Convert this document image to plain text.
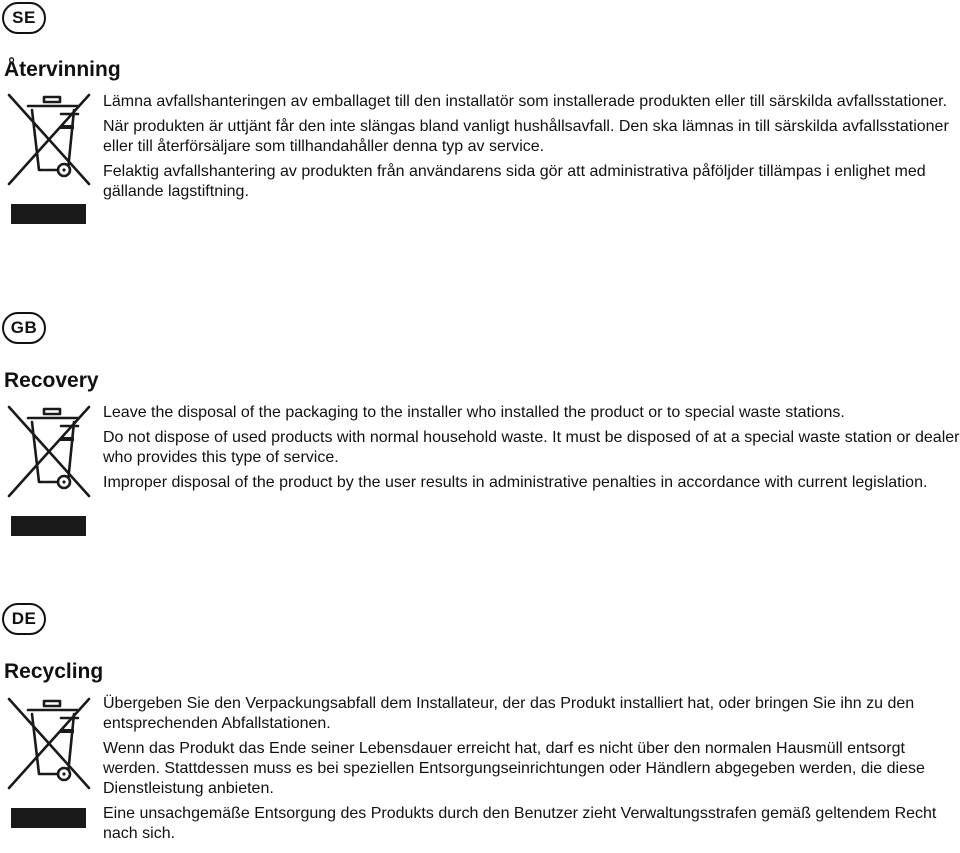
SE
Återvinning

Lämna avfallshanteringen av emballaget till den installatör som installerade produkten eller till särskilda avfallsstationer.

När produkten är uttjänt får den inte slängas bland vanligt hushållsavfall. Den ska lämnas in till särskilda avfallsstationer eller till återförsäljare som tillhandahåller denna typ av service.

Felaktig avfallshantering av produkten från användarens sida gör att administrativa påföljder tillämpas i enlighet med gällande lagstiftning.

GB
Recovery

Leave the disposal of the packaging to the installer who installed the product or to special waste stations.

Do not dispose of used products with normal household waste. It must be disposed of at a special waste station or dealer who provides this type of service.

Improper disposal of the product by the user results in administrative penalties in accordance with current legislation.

DE
Recycling

Übergeben Sie den Verpackungsabfall dem Installateur, der das Produkt installiert hat, oder bringen Sie ihn zu den entsprechenden Abfallstationen.

Wenn das Produkt das Ende seiner Lebensdauer erreicht hat, darf es nicht über den normalen Hausmüll entsorgt werden. Stattdessen muss es bei speziellen Entsorgungseinrichtungen oder Händlern abgegeben werden, die diese Dienstleistung anbieten.

Eine unsachgemäße Entsorgung des Produkts durch den Benutzer zieht Verwaltungsstrafen gemäß geltendem Recht nach sich.
